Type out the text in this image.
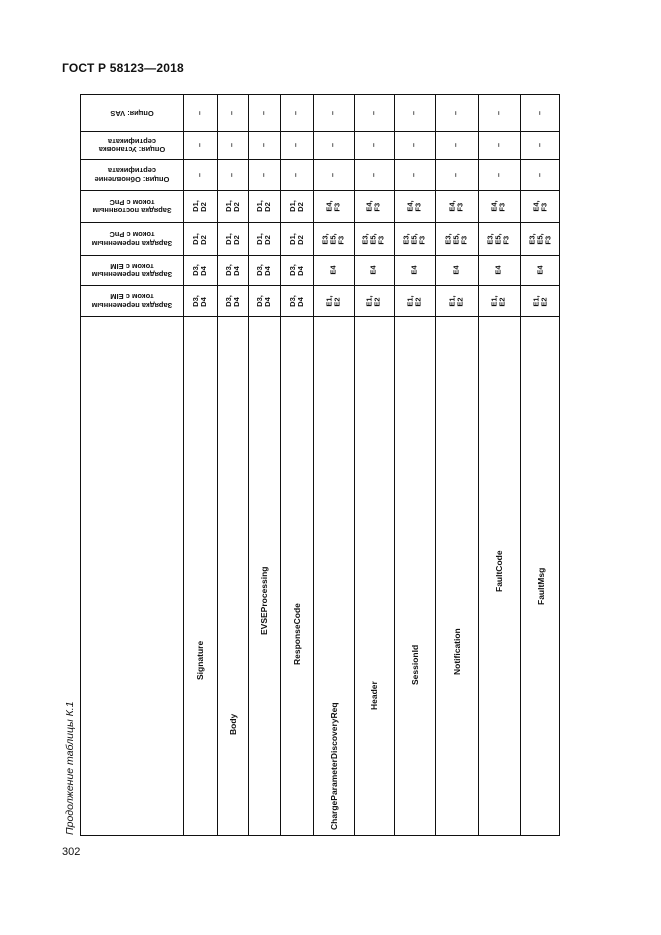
ГОСТ Р 58123—2018
Продолжение таблицы К.1
302
Зарядка переменным током с EIM
Зарядка переменным током с EIM
Зарядка переменным током с PnC
Зарядка постоянным током с PnC
Опция: Обновление сертификата
Опция: Установка сертификата
Опция: VAS
Signature
D3,
D4
D3,
D4
D1,
D2
D1,
D2
–
–
–
Body
D3,
D4
D3,
D4
D1,
D2
D1,
D2
–
–
–
EVSEProcessing
D3,
D4
D3,
D4
D1,
D2
D1,
D2
–
–
–
ResponseCode
D3,
D4
D3,
D4
D1,
D2
D1,
D2
–
–
–
ChargeParameterDiscoveryReq
E1,
E2
E4
E3,
E5,
F3
E4,
F3
–
–
–
Header
E1,
E2
E4
E3,
E5,
F3
E4,
F3
–
–
–
SessionId
E1,
E2
E4
E3,
E5,
F3
E4,
F3
–
–
–
Notification
E1,
E2
E4
E3,
E5,
F3
E4,
F3
–
–
–
FaultCode
E1,
E2
E4
E3,
E5,
F3
E4,
F3
–
–
–
FaultMsg
E1,
E2
E4
E3,
E5,
F3
E4,
F3
–
–
–
